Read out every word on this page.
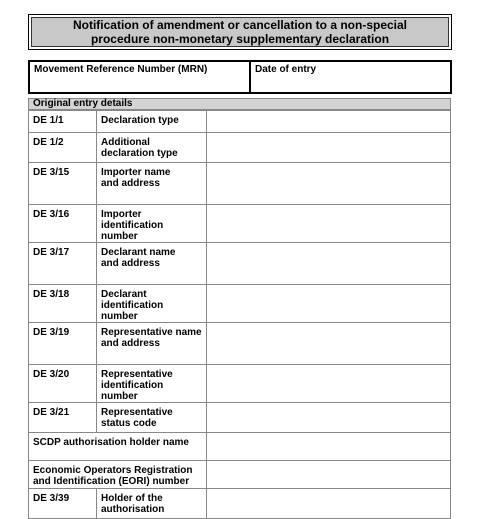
Notification of amendment or cancellation to a non-special
procedure non-monetary supplementary declaration
Movement Reference Number (MRN)	Date of entry
Original entry details
DE 1/1	Declaration type	
DE 1/2	Additional
declaration type	
DE 3/15	Importer name
and address	
DE 3/16	Importer
identification number	
DE 3/17	Declarant name
and address	
DE 3/18	Declarant
identification number	
DE 3/19	Representative name
and address	
DE 3/20	Representative
identification number	
DE 3/21	Representative
status code	
SCDP authorisation holder name		
Economic Operators Registration
and Identification (EORI) number		
DE 3/39	Holder of the
authorisation	
